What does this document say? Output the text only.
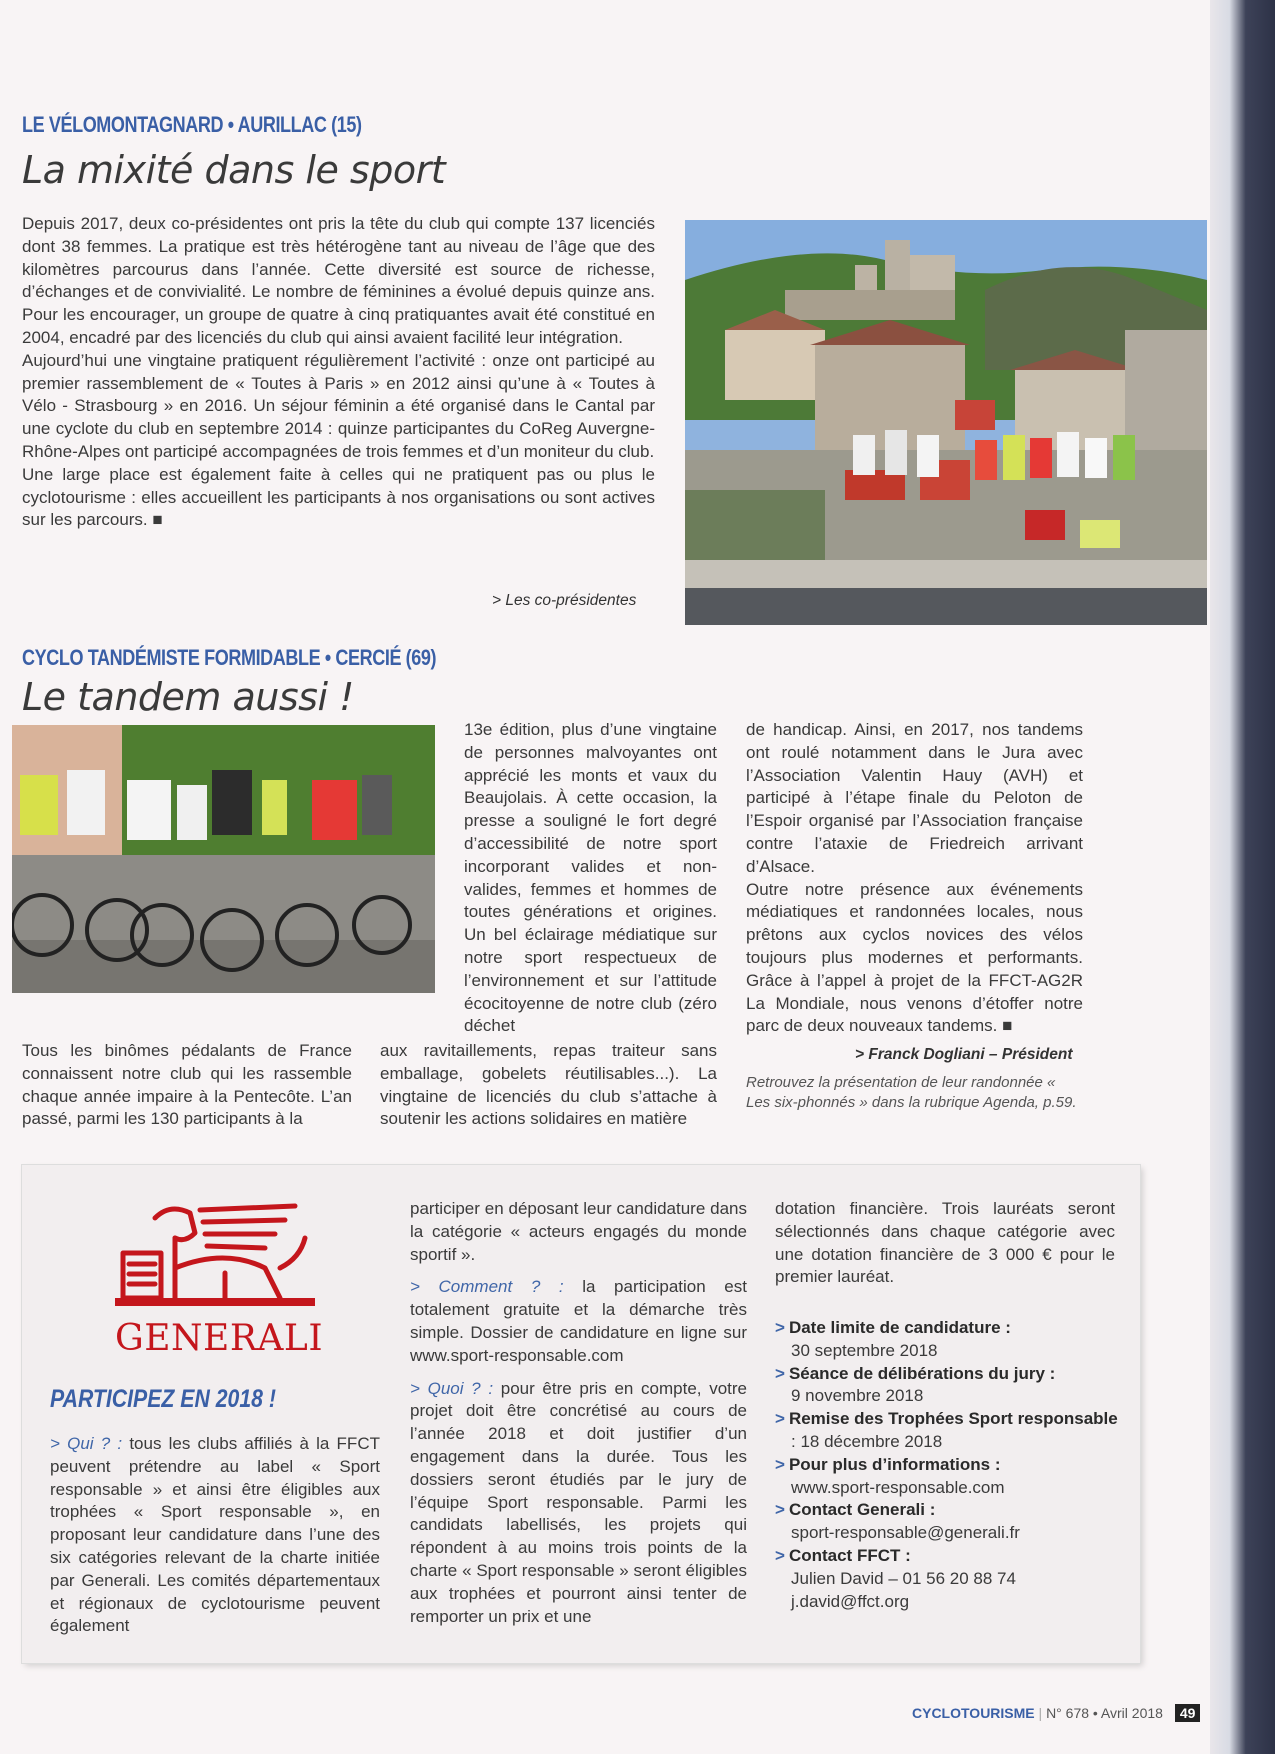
LE VÉLOMONTAGNARD • AURILLAC (15)
La mixité dans le sport

Depuis 2017, deux co-présidentes ont pris la tête du club qui compte 137 licenciés dont 38 femmes. La pratique est très hétérogène tant au niveau de l’âge que des kilomètres parcourus dans l’année. Cette diversité est source de richesse, d’échanges et de convivialité. Le nombre de féminines a évolué depuis quinze ans. Pour les encourager, un groupe de quatre à cinq pratiquantes avait été constitué en 2004, encadré par des licenciés du club qui ainsi avaient facilité leur intégration.

Aujourd’hui une vingtaine pratiquent régulièrement l’activité : onze ont participé au premier rassemblement de « Toutes à Paris » en 2012 ainsi qu’une à « Toutes à Vélo - Strasbourg » en 2016. Un séjour féminin a été organisé dans le Cantal par une cyclote du club en septembre 2014 : quinze participantes du CoReg Auvergne-Rhône-Alpes ont participé accompagnées de trois femmes et d’un moniteur du club.

Une large place est également faite à celles qui ne pratiquent pas ou plus le cyclotourisme : elles accueillent les participants à nos organisations ou sont actives sur les parcours. ■

> Les co-présidentes
CYCLO TANDÉMISTE FORMIDABLE • CERCIÉ (69)
Le tandem aussi !
Tous les binômes pédalants de France connaissent notre club qui les rassemble chaque année impaire à la Pentecôte. L’an passé, parmi les 130 participants à la
13e édition, plus d’une vingtaine de personnes malvoyantes ont apprécié les monts et vaux du Beaujolais. À cette occasion, la presse a souligné le fort degré d’accessibilité de notre sport incorporant valides et non-valides, femmes et hommes de toutes générations et origines. Un bel éclairage médiatique sur notre sport respectueux de l’environnement et sur l’attitude écocitoyenne de notre club (zéro déchet
aux ravitaillements, repas traiteur sans emballage, gobelets réutilisables...). La vingtaine de licenciés du club s’attache à soutenir les actions solidaires en matière

de handicap. Ainsi, en 2017, nos tandems ont roulé notamment dans le Jura avec l’Association Valentin Hauy (AVH) et participé à l’étape finale du Peloton de l’Espoir organisé par l’Association française contre l’ataxie de Friedreich arrivant d’Alsace.

Outre notre présence aux événements médiatiques et randonnées locales, nous prêtons aux cyclos novices des vélos toujours plus modernes et performants. Grâce à l’appel à projet de la FFCT-AG2R La Mondiale, nous venons d’étoffer notre parc de deux nouveaux tandems. ■

> Franck Dogliani – Président
Retrouvez la présentation de leur randonnée « Les six-phonnés » dans la rubrique Agenda, p.59.
GENERALI
PARTICIPEZ EN 2018 !
> Qui ? : tous les clubs affiliés à la FFCT peuvent prétendre au label « Sport responsable » et ainsi être éligibles aux trophées « Sport responsable », en proposant leur candidature dans l’une des six catégories relevant de la charte initiée par Generali. Les comités départementaux et régionaux de cyclotourisme peuvent également

participer en déposant leur candidature dans la catégorie « acteurs engagés du monde sportif ».

> Comment ? : la participation est totalement gratuite et la démarche très simple. Dossier de candidature en ligne sur www.sport-responsable.com

> Quoi ? : pour être pris en compte, votre projet doit être concrétisé au cours de l’année 2018 et doit justifier d’un engagement dans la durée. Tous les dossiers seront étudiés par le jury de l’équipe Sport responsable. Parmi les candidats labellisés, les projets qui répondent à au moins trois points de la charte « Sport responsable » seront éligibles aux trophées et pourront ainsi tenter de remporter un prix et une

dotation financière. Trois lauréats seront sélectionnés dans chaque catégorie avec une dotation financière de 3 000 € pour le premier lauréat.
> Date limite de candidature :
30 septembre 2018
> Séance de délibérations du jury :
9 novembre 2018
> Remise des Trophées Sport responsable
: 18 décembre 2018
> Pour plus d’informations :
www.sport-responsable.com
> Contact Generali :
sport-responsable@generali.fr
> Contact FFCT :
Julien David – 01 56 20 88 74
j.david@ffct.org
CYCLOTOURISME | N° 678 • Avril 2018 49
